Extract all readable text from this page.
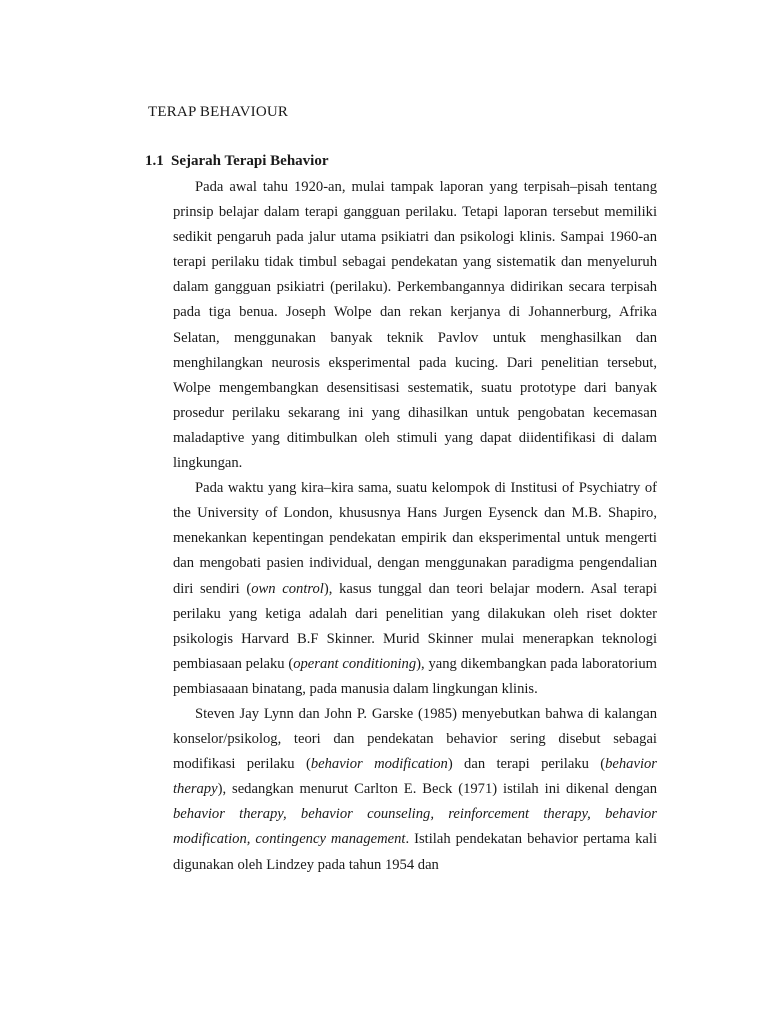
TERAP BEHAVIOUR
1.1 Sejarah Terapi Behavior

Pada awal tahu 1920-an, mulai tampak laporan yang terpisah–pisah tentang prinsip belajar dalam terapi gangguan perilaku. Tetapi laporan tersebut memiliki sedikit pengaruh pada jalur utama psikiatri dan psikologi klinis. Sampai 1960-an terapi perilaku tidak timbul sebagai pendekatan yang sistematik dan menyeluruh dalam gangguan psikiatri (perilaku). Perkembangannya didirikan secara terpisah pada tiga benua. Joseph Wolpe dan rekan kerjanya di Johannerburg, Afrika Selatan, menggunakan banyak teknik Pavlov untuk menghasilkan dan menghilangkan neurosis eksperimental pada kucing. Dari penelitian tersebut, Wolpe mengembangkan desensitisasi sestematik, suatu prototype dari banyak prosedur perilaku sekarang ini yang dihasilkan untuk pengobatan kecemasan maladaptive yang ditimbulkan oleh stimuli yang dapat diidentifikasi di dalam lingkungan.

Pada waktu yang kira–kira sama, suatu kelompok di Institusi of Psychiatry of the University of London, khususnya Hans Jurgen Eysenck dan M.B. Shapiro, menekankan kepentingan pendekatan empirik dan eksperimental untuk mengerti dan mengobati pasien individual, dengan menggunakan paradigma pengendalian diri sendiri (own control), kasus tunggal dan teori belajar modern. Asal terapi perilaku yang ketiga adalah dari penelitian yang dilakukan oleh riset dokter psikologis Harvard B.F Skinner. Murid Skinner mulai menerapkan teknologi pembiasaan pelaku (operant conditioning), yang dikembangkan pada laboratorium pembiasaaan binatang, pada manusia dalam lingkungan klinis.

Steven Jay Lynn dan John P. Garske (1985) menyebutkan bahwa di kalangan konselor/psikolog, teori dan pendekatan behavior sering disebut sebagai modifikasi perilaku (behavior modification) dan terapi perilaku (behavior therapy), sedangkan menurut Carlton E. Beck (1971) istilah ini dikenal dengan behavior therapy, behavior counseling, reinforcement therapy, behavior modification, contingency management. Istilah pendekatan behavior pertama kali digunakan oleh Lindzey pada tahun 1954 dan
